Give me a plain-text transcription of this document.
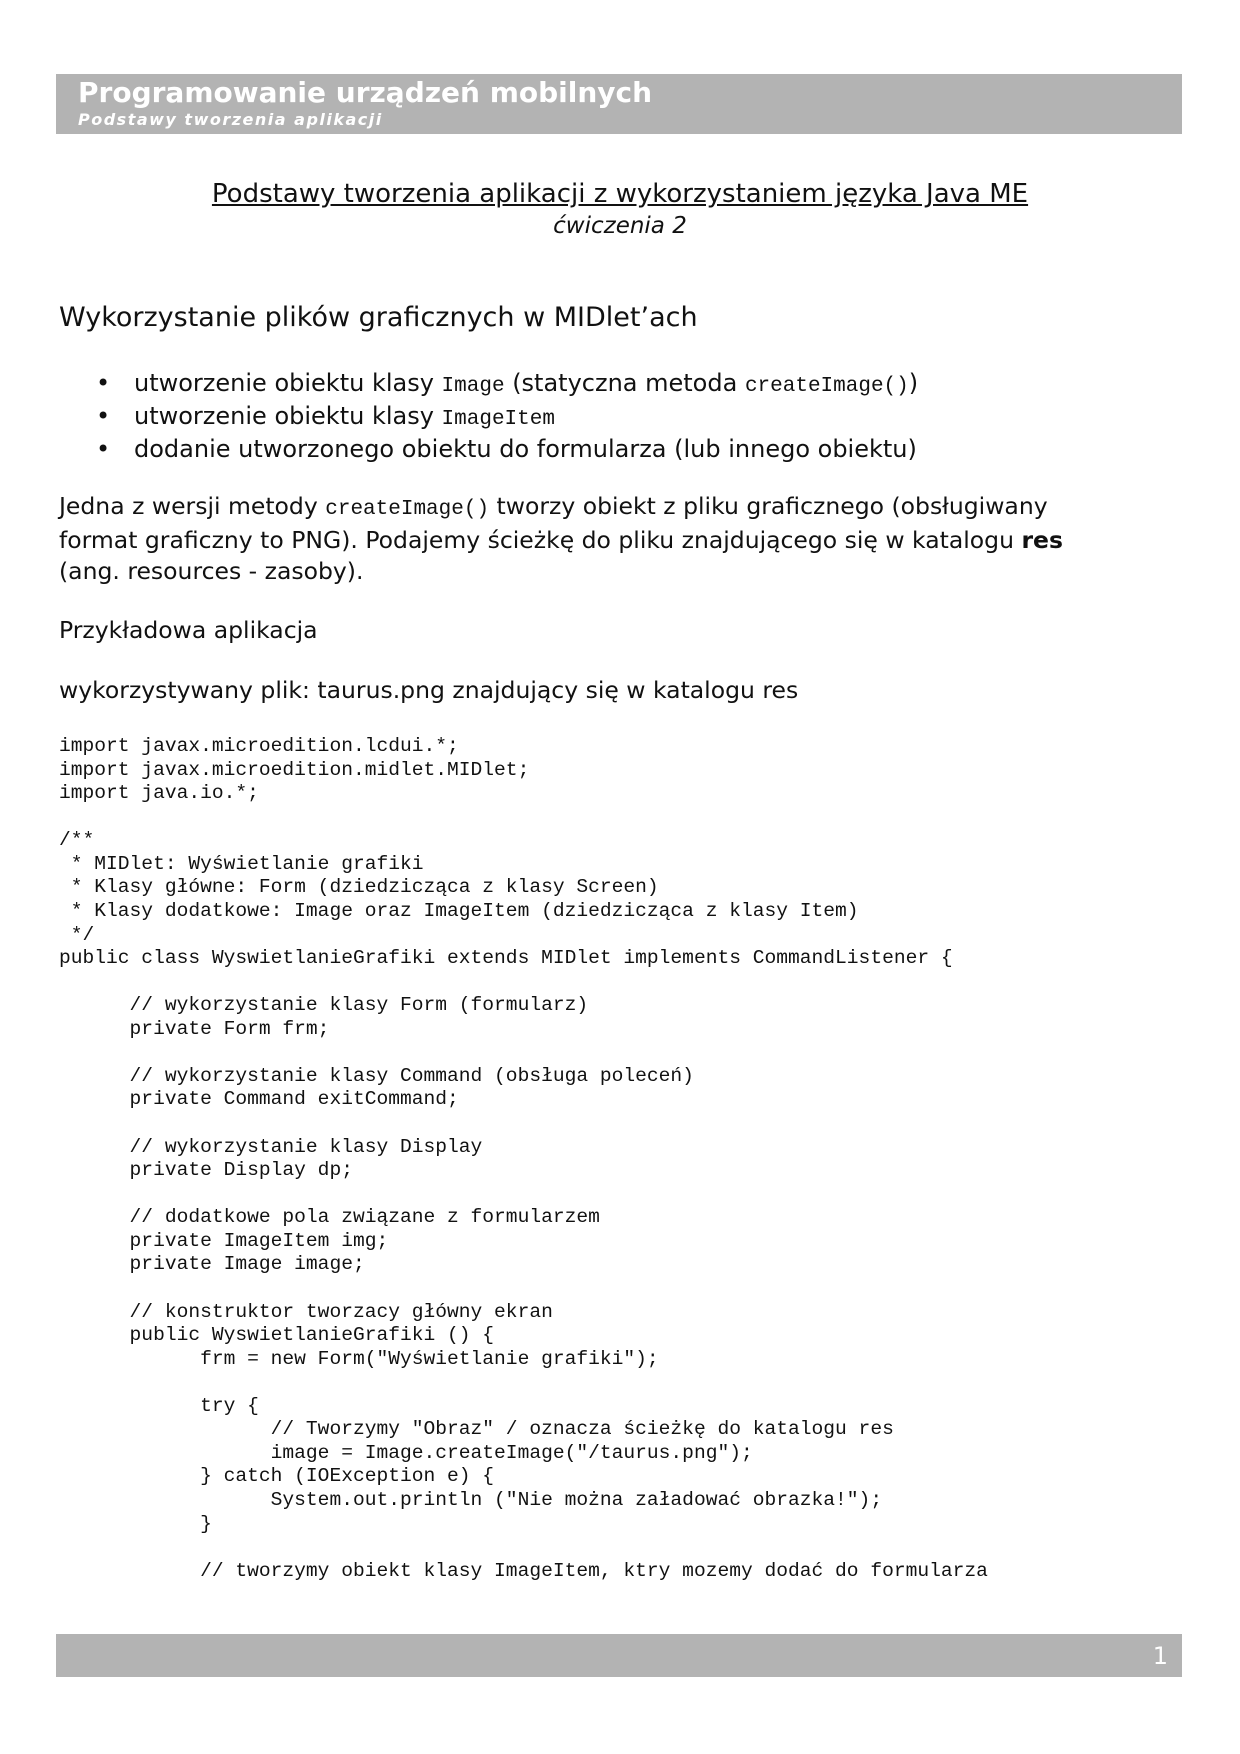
Programowanie urządzeń mobilnych
Podstawy tworzenia aplikacji
Podstawy tworzenia aplikacji z wykorzystaniem języka Java ME
ćwiczenia 2
Wykorzystanie plików graficznych w MIDlet’ach
• utworzenie obiektu klasy Image (statyczna metoda createImage())
• utworzenie obiektu klasy ImageItem
• dodanie utworzonego obiektu do formularza (lub innego obiektu)
Jedna z wersji metody createImage() tworzy obiekt z pliku graficznego (obsługiwany
format graficzny to PNG). Podajemy ścieżkę do pliku znajdującego się w katalogu res
(ang. resources - zasoby).
Przykładowa aplikacja
wykorzystywany plik: taurus.png znajdujący się w katalogu res
import javax.microedition.lcdui.*;
import javax.microedition.midlet.MIDlet;
import java.io.*;
/**
* MIDlet: Wyświetlanie grafiki
* Klasy główne: Form (dziedzicząca z klasy Screen)
* Klasy dodatkowe: Image oraz ImageItem (dziedzicząca z klasy Item)
*/
public class WyswietlanieGrafiki extends MIDlet implements CommandListener {
// wykorzystanie klasy Form (formularz)
private Form frm;
// wykorzystanie klasy Command (obsługa poleceń)
private Command exitCommand;
// wykorzystanie klasy Display
private Display dp;
// dodatkowe pola związane z formularzem
private ImageItem img;
private Image image;
// konstruktor tworzacy główny ekran
public WyswietlanieGrafiki () {
frm = new Form("Wyświetlanie grafiki");
try {
// Tworzymy "Obraz" / oznacza ścieżkę do katalogu res
image = Image.createImage("/taurus.png");
} catch (IOException e) {
System.out.println ("Nie można załadować obrazka!");
}
// tworzymy obiekt klasy ImageItem, ktry mozemy dodać do formularza
1
